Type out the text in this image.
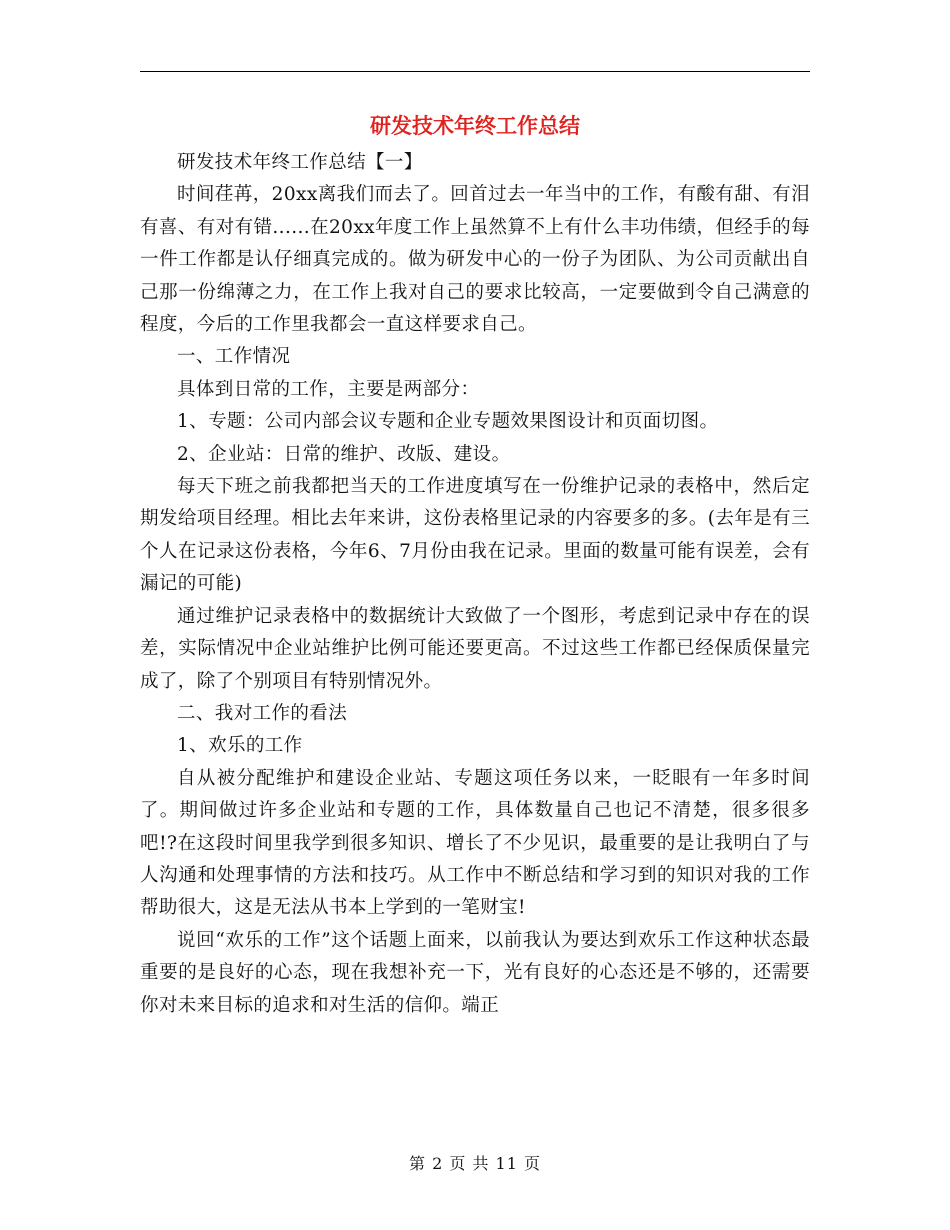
研发技术年终工作总结

研发技术年终工作总结【一】

时间荏苒，20xx离我们而去了。回首过去一年当中的工作，有酸有甜、有泪有喜、有对有错......在20xx年度工作上虽然算不上有什么丰功伟绩，但经手的每一件工作都是认仔细真完成的。做为研发中心的一份子为团队、为公司贡献出自己那一份绵薄之力，在工作上我对自己的要求比较高，一定要做到令自己满意的程度，今后的工作里我都会一直这样要求自己。

一、工作情况

具体到日常的工作，主要是两部分：

1、专题：公司内部会议专题和企业专题效果图设计和页面切图。

2、企业站：日常的维护、改版、建设。

每天下班之前我都把当天的工作进度填写在一份维护记录的表格中，然后定期发给项目经理。相比去年来讲，这份表格里记录的内容要多的多。(去年是有三个人在记录这份表格，今年6、7月份由我在记录。里面的数量可能有误差，会有漏记的可能)

通过维护记录表格中的数据统计大致做了一个图形，考虑到记录中存在的误差，实际情况中企业站维护比例可能还要更高。不过这些工作都已经保质保量完成了，除了个别项目有特别情况外。

二、我对工作的看法

1、欢乐的工作

自从被分配维护和建设企业站、专题这项任务以来，一眨眼有一年多时间了。期间做过许多企业站和专题的工作，具体数量自己也记不清楚，很多很多吧!?在这段时间里我学到很多知识、增长了不少见识，最重要的是让我明白了与人沟通和处理事情的方法和技巧。从工作中不断总结和学习到的知识对我的工作帮助很大，这是无法从书本上学到的一笔财宝!

说回“欢乐的工作”这个话题上面来，以前我认为要达到欢乐工作这种状态最重要的是良好的心态，现在我想补充一下，光有良好的心态还是不够的，还需要你对未来目标的追求和对生活的信仰。端正

第 2 页 共 11 页
